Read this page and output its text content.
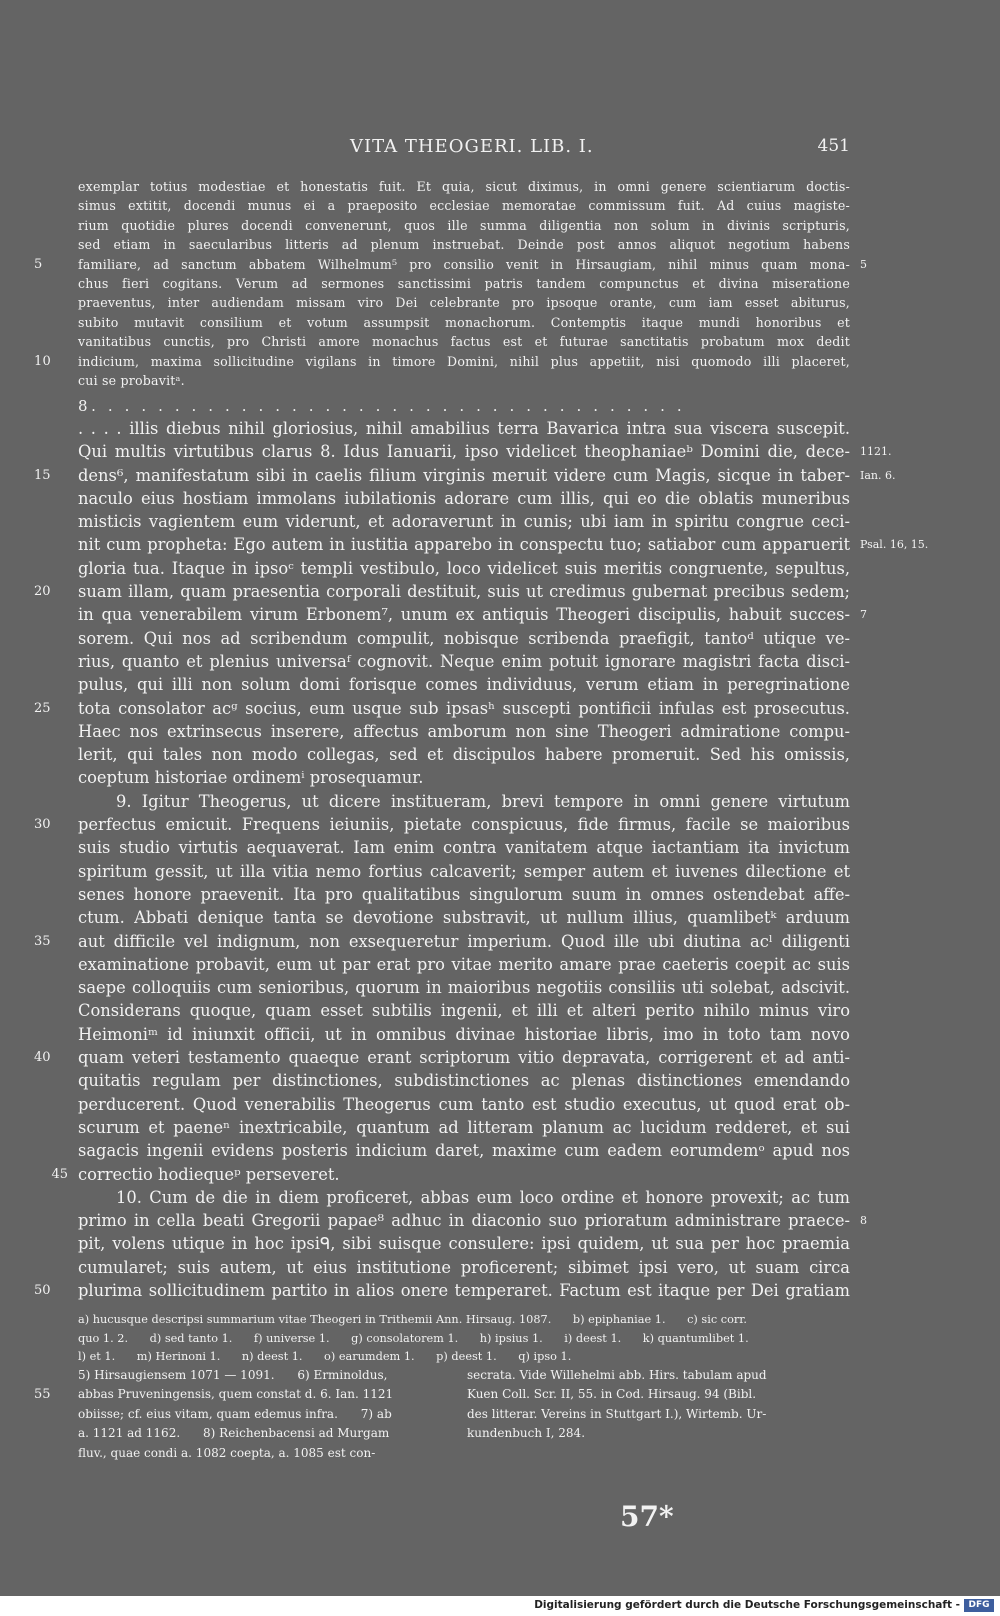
VITA THEOGERI. LIB. I.	451
exemplar totius modestiae et honestatis fuit. Et quia, sicut diximus, in omni genere scientiarum doctis-
simus extitit, docendi munus ei a praeposito ecclesiae memoratae commissum fuit. Ad cuius magiste-
rium quotidie plures docendi convenerunt, quos ille summa diligentia non solum in divinis scripturis,
sed etiam in saecularibus litteris ad plenum instruebat. Deinde post annos aliquot negotium habens
5	familiare, ad sanctum abbatem Wilhelmum⁵ pro consilio venit in Hirsaugiam, nihil minus quam mona- 5
chus fieri cogitans. Verum ad sermones sanctissimi patris tandem compunctus et divina miseratione
praeventus, inter audiendam missam viro Dei celebrante pro ipsoque orante, cum iam esset abiturus,
subito mutavit consilium et votum assumpsit monachorum. Contemptis itaque mundi honoribus et
vanitatibus cunctis, pro Christi amore monachus factus est et futurae sanctitatis probatum mox dedit
10	indicium, maxima sollicitudine vigilans in timore Domini, nihil plus appetiit, nisi quomodo illi placeret,
cui se probavitᵃ.
8. . . . . . . . . . . . . . . . . . . . . . . . . . . . . . . . . . . .
. . . . illis diebus nihil gloriosius, nihil amabilius terra Bavarica intra sua viscera suscepit.
Qui multis virtutibus clarus 8. Idus Ianuarii, ipso videlicet theophaniaeᵇ Domini die, dece- 1121.
15	dens⁶, manifestatum sibi in caelis filium virginis meruit videre cum Magis, sicque in taber- Ian. 6.
naculo eius hostiam immolans iubilationis adorare cum illis, qui eo die oblatis muneribus
misticis vagientem eum viderunt, et adoraverunt in cunis; ubi iam in spiritu congrue ceci-
nit cum propheta: Ego autem in iustitia apparebo in conspectu tuo; satiabor cum apparuerit Psal. 16, 15.
gloria tua. Itaque in ipsoᶜ templi vestibulo, loco videlicet suis meritis congruente, sepultus,
20	suam illam, quam praesentia corporali destituit, suis ut credimus gubernat precibus sedem;
in qua venerabilem virum Erbonem⁷, unum ex antiquis Theogeri discipulis, habuit succes- 7
sorem. Qui nos ad scribendum compulit, nobisque scribenda praefigit, tantoᵈ utique ve-
rius, quanto et plenius universaᶠ cognovit. Neque enim potuit ignorare magistri facta disci-
pulus, qui illi non solum domi forisque comes individuus, verum etiam in peregrinatione
25	tota consolator acᵍ socius, eum usque sub ipsasʰ suscepti pontificii infulas est prosecutus.
Haec nos extrinsecus inserere, affectus amborum non sine Theogeri admiratione compu-
lerit, qui tales non modo collegas, sed et discipulos habere promeruit. Sed his omissis,
coeptum historiae ordinemⁱ prosequamur.
9. Igitur Theogerus, ut dicere institueram, brevi tempore in omni genere virtutum
30	perfectus emicuit. Frequens ieiuniis, pietate conspicuus, fide firmus, facile se maioribus
suis studio virtutis aequaverat. Iam enim contra vanitatem atque iactantiam ita invictum
spiritum gessit, ut illa vitia nemo fortius calcaverit; semper autem et iuvenes dilectione et
senes honore praevenit. Ita pro qualitatibus singulorum suum in omnes ostendebat affe-
ctum. Abbati denique tanta se devotione substravit, ut nullum illius, quamlibetᵏ arduum
35	aut difficile vel indignum, non exsequeretur imperium. Quod ille ubi diutina acˡ diligenti
examinatione probavit, eum ut par erat pro vitae merito amare prae caeteris coepit ac suis
saepe colloquiis cum senioribus, quorum in maioribus negotiis consiliis uti solebat, adscivit.
Considerans quoque, quam esset subtilis ingenii, et illi et alteri perito nihilo minus viro
Heimoniᵐ id iniunxit officii, ut in omnibus divinae historiae libris, imo in toto tam novo
40	quam veteri testamento quaeque erant scriptorum vitio depravata, corrigerent et ad anti-
quitatis regulam per distinctiones, subdistinctiones ac plenas distinctiones emendando
perducerent. Quod venerabilis Theogerus cum tanto est studio executus, ut quod erat ob-
scurum et paeneⁿ inextricabile, quantum ad litteram planum ac lucidum redderet, et sui
sagacis ingenii evidens posteris indicium daret, maxime cum eadem eorumdemᵒ apud nos
45 correctio hodiequeᵖ perseveret.
10. Cum de die in diem proficeret, abbas eum loco ordine et honore provexit; ac tum
primo in cella beati Gregorii papae⁸ adhuc in diaconio suo prioratum administrare praece- 8
pit, volens utique in hoc ipsiᑫ, sibi suisque consulere: ipsi quidem, ut sua per hoc praemia
cumularet; suis autem, ut eius institutione proficerent; sibimet ipsi vero, ut suam circa
50	plurima sollicitudinem partito in alios onere temperaret. Factum est itaque per Dei gratiam
a) hucusque descripsi summarium vitae Theogeri in Trithemii Ann. Hirsaug. 1087.      b) epiphaniae 1.      c) sic corr.
quo 1. 2.      d) sed tanto 1.      f) universe 1.      g) consolatorem 1.      h) ipsius 1.      i) deest 1.      k) quantumlibet 1.
l) et 1.      m) Herinoni 1.      n) deest 1.      o) earumdem 1.      p) deest 1.      q) ipso 1.
5) Hirsaugiensem 1071 — 1091.      6) Erminoldus,
55	abbas Pruveningensis, quem constat d. 6. Ian. 1121
obiisse; cf. eius vitam, quam edemus infra.      7) ab
a. 1121 ad 1162.      8) Reichenbacensi ad Murgam
fluv., quae condi a. 1082 coepta, a. 1085 est con-
secrata. Vide Willehelmi abb. Hirs. tabulam apud
Kuen Coll. Scr. II, 55. in Cod. Hirsaug. 94 (Bibl.
des litterar. Vereins in Stuttgart I.), Wirtemb. Ur-
kundenbuch I, 284.
57*
Digitalisierung gefördert durch die Deutsche Forschungsgemeinschaft - DFG
